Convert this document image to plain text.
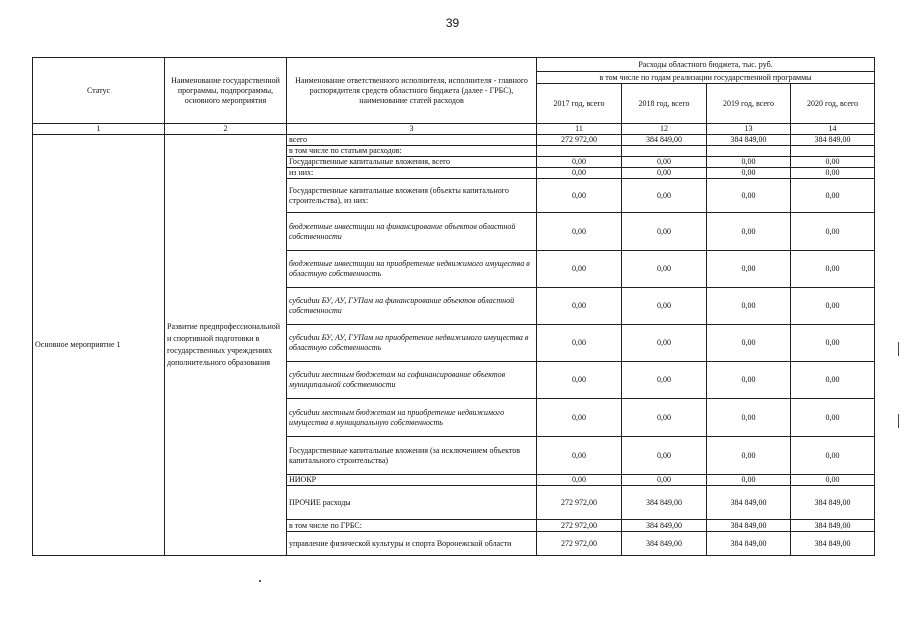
39
Статус	Наименование государственной программы, подпрограммы, основного мероприятия	Наименование ответственного исполнителя, исполнителя - главного распорядителя средств областного бюджета (далее - ГРБС), наименование статей расходов	Расходы областного бюджета, тыс. руб.			
			в том числе по годам реализации государственной программы			
			2017 год, всего	2018 год, всего	2019 год, всего	2020 год, всего
1	2	3	11	12	13	14
Основное мероприятие 1	Развитие предпрофессиональной и спортивной подготовки в государственных учреждениях дополнительного образования	всего	272 972,00	384 849,00	384 849,00	384 849,00
		в том числе по статьям расходов:				
		Государственные капитальные вложения, всего	0,00	0,00	0,00	0,00
		из них:	0,00	0,00	0,00	0,00
		Государственные капитальные вложения (объекты капитального строительства), из них:	0,00	0,00	0,00	0,00
		бюджетные инвестиции на финансирование объектов областной собственности	0,00	0,00	0,00	0,00
		бюджетные инвестиции на приобретение недвижимого имущества в областную собственность	0,00	0,00	0,00	0,00
		субсидии БУ, АУ, ГУПам на финансирование объектов областной собственности	0,00	0,00	0,00	0,00
		субсидии БУ, АУ, ГУПам на приобретение недвижимого имущества в областную собственность	0,00	0,00	0,00	0,00
		субсидии местным бюджетам на софинансирование объектов муниципальной собственности	0,00	0,00	0,00	0,00
		субсидии местным бюджетам на приобретение недвижимого имущества в муниципальную собственность	0,00	0,00	0,00	0,00
		Государственные капитальные вложения (за исключением объектов капитального строительства)	0,00	0,00	0,00	0,00
		НИОКР	0,00	0,00	0,00	0,00
		ПРОЧИЕ расходы	272 972,00	384 849,00	384 849,00	384 849,00
		в том числе по ГРБС:	272 972,00	384 849,00	384 849,00	384 849,00
		управление физической культуры и спорта Воронежской области	272 972,00	384 849,00	384 849,00	384 849,00
